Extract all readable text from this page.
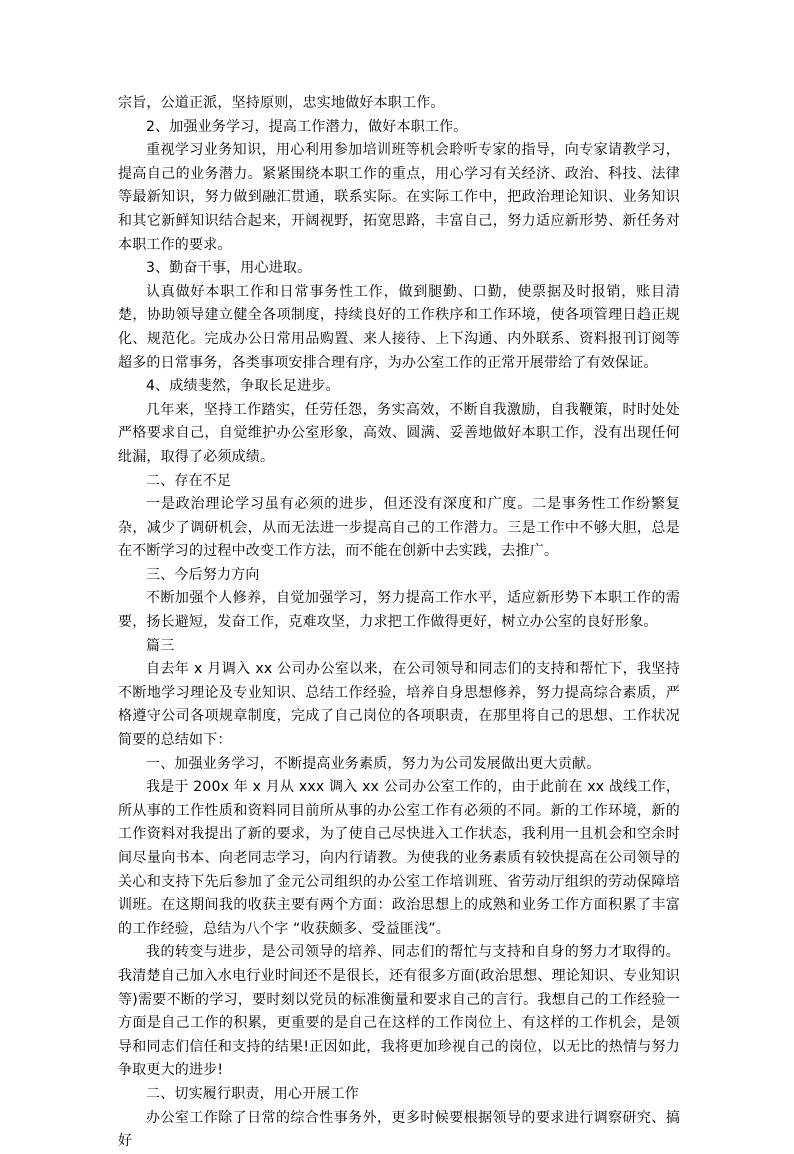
宗旨，公道正派，坚持原则，忠实地做好本职工作。

2、加强业务学习，提高工作潜力，做好本职工作。

重视学习业务知识，用心利用参加培训班等机会聆听专家的指导，向专家请教学习，提高自己的业务潜力。紧紧围绕本职工作的重点，用心学习有关经济、政治、科技、法律等最新知识，努力做到融汇贯通，联系实际。在实际工作中，把政治理论知识、业务知识和其它新鲜知识结合起来，开阔视野，拓宽思路，丰富自己，努力适应新形势、新任务对本职工作的要求。

3、勤奋干事，用心进取。

认真做好本职工作和日常事务性工作，做到腿勤、口勤，使票据及时报销，账目清楚，协助领导建立健全各项制度，持续良好的工作秩序和工作环境，使各项管理日趋正规化、规范化。完成办公日常用品购置、来人接待、上下沟通、内外联系、资料报刊订阅等超多的日常事务，各类事项安排合理有序，为办公室工作的正常开展带给了有效保证。

4、成绩斐然，争取长足进步。

几年来，坚持工作踏实，任劳任怨，务实高效，不断自我激励，自我鞭策，时时处处严格要求自己，自觉维护办公室形象，高效、圆满、妥善地做好本职工作，没有出现任何纰漏，取得了必须成绩。

二、存在不足

一是政治理论学习虽有必须的进步，但还没有深度和广度。二是事务性工作纷繁复杂，减少了调研机会，从而无法进一步提高自己的工作潜力。三是工作中不够大胆，总是在不断学习的过程中改变工作方法，而不能在创新中去实践，去推广。

三、今后努力方向

不断加强个人修养，自觉加强学习，努力提高工作水平，适应新形势下本职工作的需要，扬长避短，发奋工作，克难攻坚，力求把工作做得更好，树立办公室的良好形象。

篇三

自去年 x 月调入 xx 公司办公室以来，在公司领导和同志们的支持和帮忙下，我坚持不断地学习理论及专业知识、总结工作经验，培养自身思想修养，努力提高综合素质，严格遵守公司各项规章制度，完成了自己岗位的各项职责，在那里将自己的思想、工作状况简要的总结如下：

一、加强业务学习，不断提高业务素质，努力为公司发展做出更大贡献。

我是于 200x 年 x 月从 xxx 调入 xx 公司办公室工作的，由于此前在 xx 战线工作，所从事的工作性质和资料同目前所从事的办公室工作有必须的不同。新的工作环境，新的工作资料对我提出了新的要求，为了使自己尽快进入工作状态，我利用一且机会和空余时间尽量向书本、向老同志学习，向内行请教。为使我的业务素质有较快提高在公司领导的关心和支持下先后参加了金元公司组织的办公室工作培训班、省劳动厅组织的劳动保障培训班。在这期间我的收获主要有两个方面：政治思想上的成熟和业务工作方面积累了丰富的工作经验，总结为八个字 “收获颇多、受益匪浅”。

我的转变与进步，是公司领导的培养、同志们的帮忙与支持和自身的努力才取得的。我清楚自己加入水电行业时间还不是很长，还有很多方面(政治思想、理论知识、专业知识等)需要不断的学习，要时刻以党员的标准衡量和要求自己的言行。我想自己的工作经验一方面是自己工作的积累，更重要的是自己在这样的工作岗位上、有这样的工作机会，是领导和同志们信任和支持的结果!正因如此，我将更加珍视自己的岗位，以无比的热情与努力争取更大的进步!

二、切实履行职责，用心开展工作

办公室工作除了日常的综合性事务外，更多时候要根据领导的要求进行调察研究、搞好
